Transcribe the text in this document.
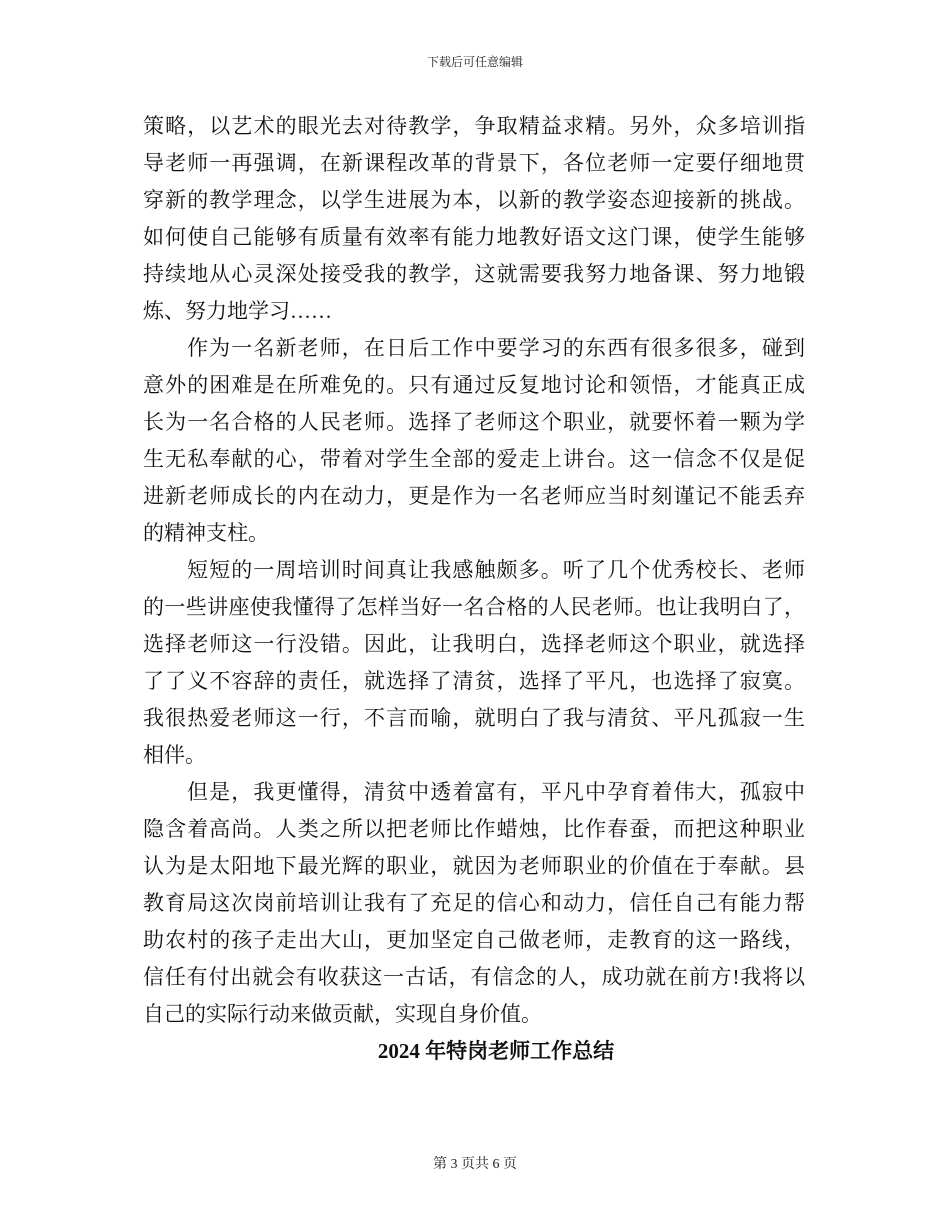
下载后可任意编辑
策略，以艺术的眼光去对待教学，争取精益求精。另外，众多培训指
导老师一再强调，在新课程改革的背景下，各位老师一定要仔细地贯
穿新的教学理念，以学生进展为本，以新的教学姿态迎接新的挑战。
如何使自己能够有质量有效率有能力地教好语文这门课，使学生能够
持续地从心灵深处接受我的教学，这就需要我努力地备课、努力地锻
炼、努力地学习……
作为一名新老师，在日后工作中要学习的东西有很多很多，碰到
意外的困难是在所难免的。只有通过反复地讨论和领悟，才能真正成
长为一名合格的人民老师。选择了老师这个职业，就要怀着一颗为学
生无私奉献的心，带着对学生全部的爱走上讲台。这一信念不仅是促
进新老师成长的内在动力，更是作为一名老师应当时刻谨记不能丢弃
的精神支柱。
短短的一周培训时间真让我感触颇多。听了几个优秀校长、老师
的一些讲座使我懂得了怎样当好一名合格的人民老师。也让我明白了，
选择老师这一行没错。因此，让我明白，选择老师这个职业，就选择
了了义不容辞的责任，就选择了清贫，选择了平凡，也选择了寂寞。
我很热爱老师这一行，不言而喻，就明白了我与清贫、平凡孤寂一生
相伴。
但是，我更懂得，清贫中透着富有，平凡中孕育着伟大，孤寂中
隐含着高尚。人类之所以把老师比作蜡烛，比作春蚕，而把这种职业
认为是太阳地下最光辉的职业，就因为老师职业的价值在于奉献。县
教育局这次岗前培训让我有了充足的信心和动力，信任自己有能力帮
助农村的孩子走出大山，更加坚定自己做老师，走教育的这一路线，
信任有付出就会有收获这一古话，有信念的人，成功就在前方!我将以
自己的实际行动来做贡献，实现自身价值。
2024 年特岗老师工作总结
第 3 页共 6 页
